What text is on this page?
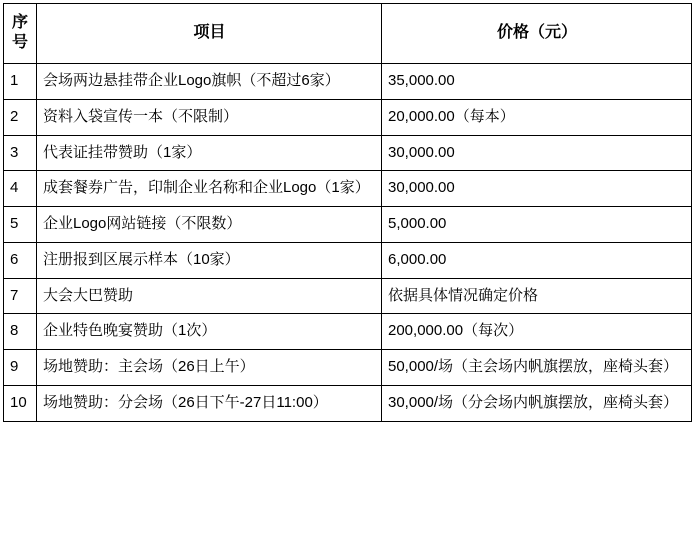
序
号	项目	价格（元）
1	会场两边悬挂带企业Logo旗帜（不超过6家）	35,000.00
2	资料入袋宣传一本（不限制）	20,000.00（每本）
3	代表证挂带赞助（1家）	30,000.00
4	成套餐券广告，印制企业名称和企业Logo（1家）	30,000.00
5	企业Logo网站链接（不限数）	5,000.00
6	注册报到区展示样本（10家）	6,000.00
7	大会大巴赞助	依据具体情况确定价格
8	企业特色晚宴赞助（1次）	200,000.00（每次）
9	场地赞助：主会场（26日上午）	50,000/场（主会场内帆旗摆放，座椅头套）
10	场地赞助：分会场（26日下午-27日11:00）	30,000/场（分会场内帆旗摆放，座椅头套）
